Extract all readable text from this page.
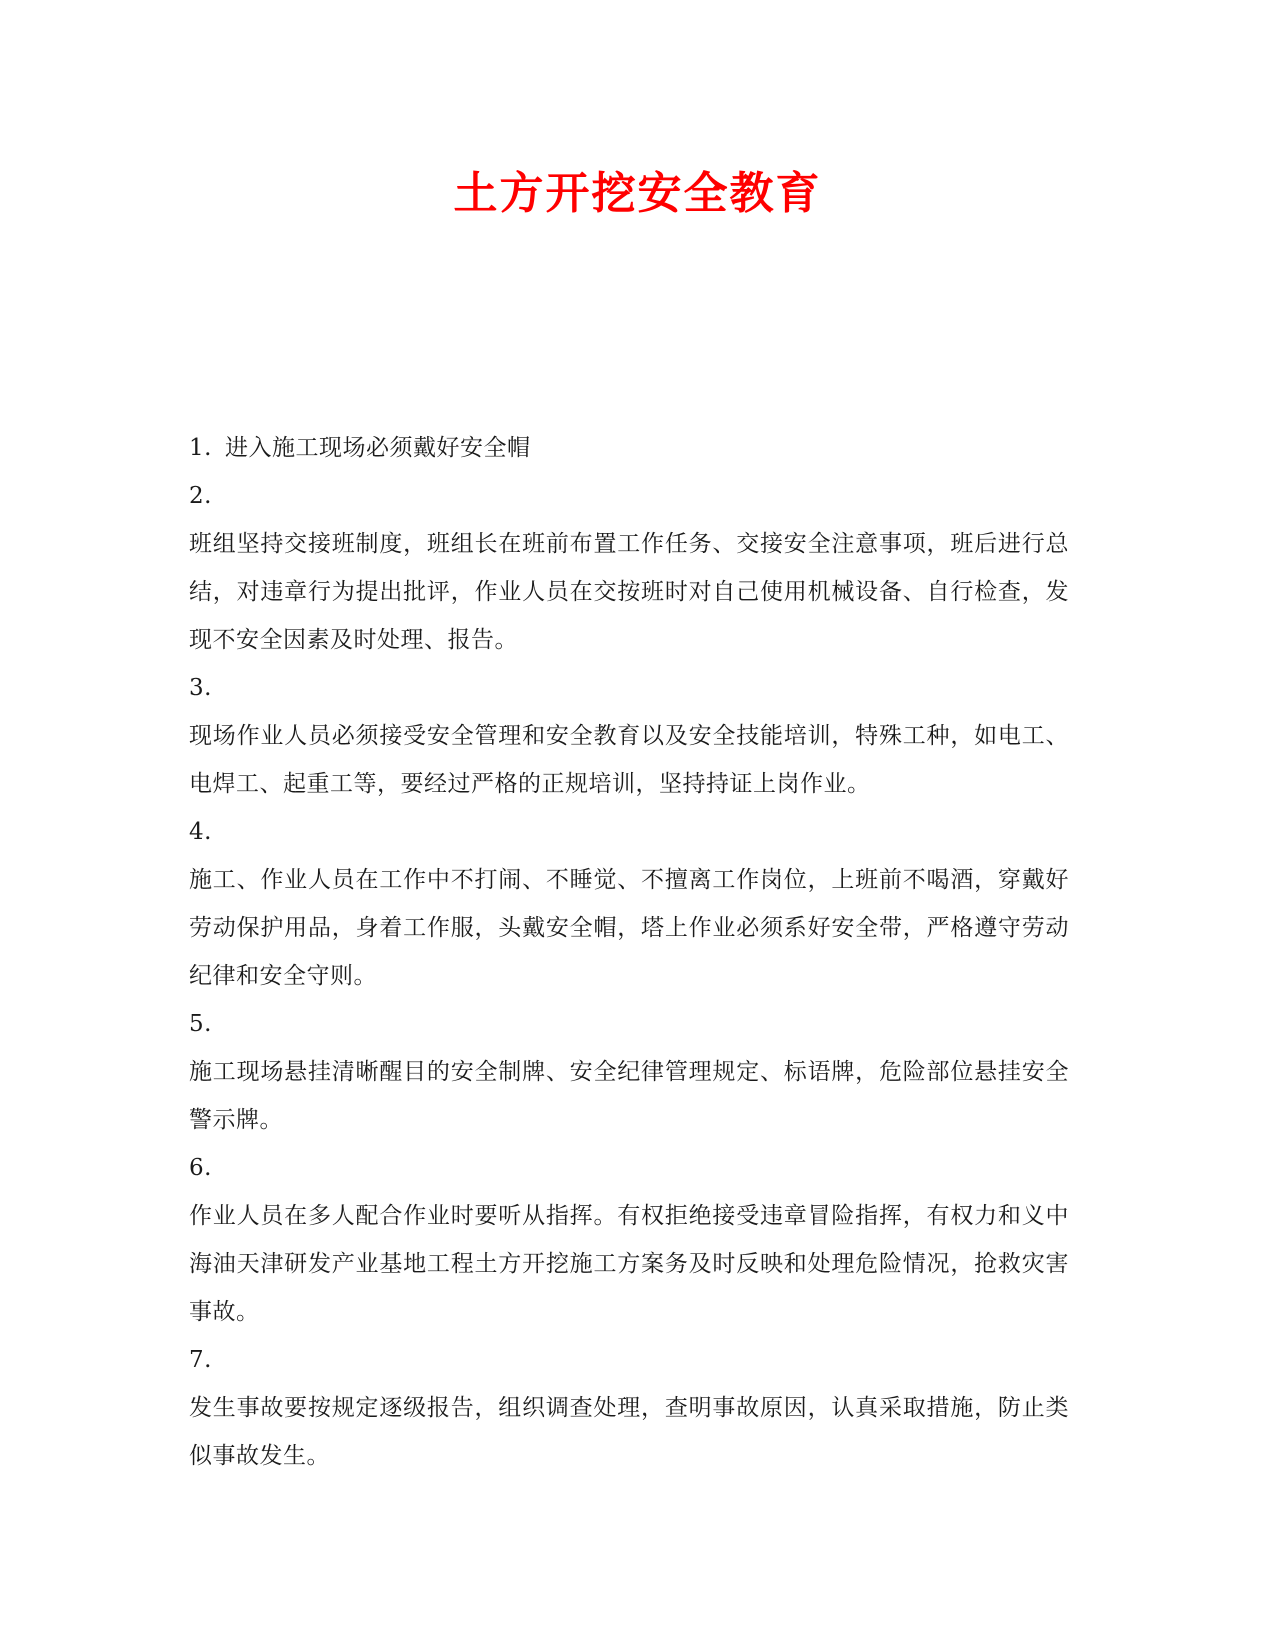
土方开挖安全教育

1. 进入施工现场必须戴好安全帽

2.

班组坚持交接班制度，班组长在班前布置工作任务、交接安全注意事项，班后进行总结，对违章行为提出批评，作业人员在交按班时对自己使用机械设备、自行检查，发现不安全因素及时处理、报告。

3.

现场作业人员必须接受安全管理和安全教育以及安全技能培训，特殊工种，如电工、电焊工、起重工等，要经过严格的正规培训，坚持持证上岗作业。

4.

施工、作业人员在工作中不打闹、不睡觉、不擅离工作岗位，上班前不喝酒，穿戴好劳动保护用品，身着工作服，头戴安全帽，塔上作业必须系好安全带，严格遵守劳动纪律和安全守则。

5.

施工现场悬挂清晰醒目的安全制牌、安全纪律管理规定、标语牌，危险部位悬挂安全警示牌。

6.

作业人员在多人配合作业时要听从指挥。有权拒绝接受违章冒险指挥，有权力和义中海油天津研发产业基地工程土方开挖施工方案务及时反映和处理危险情况，抢救灾害事故。

7.

发生事故要按规定逐级报告，组织调查处理，查明事故原因，认真采取措施，防止类似事故发生。
